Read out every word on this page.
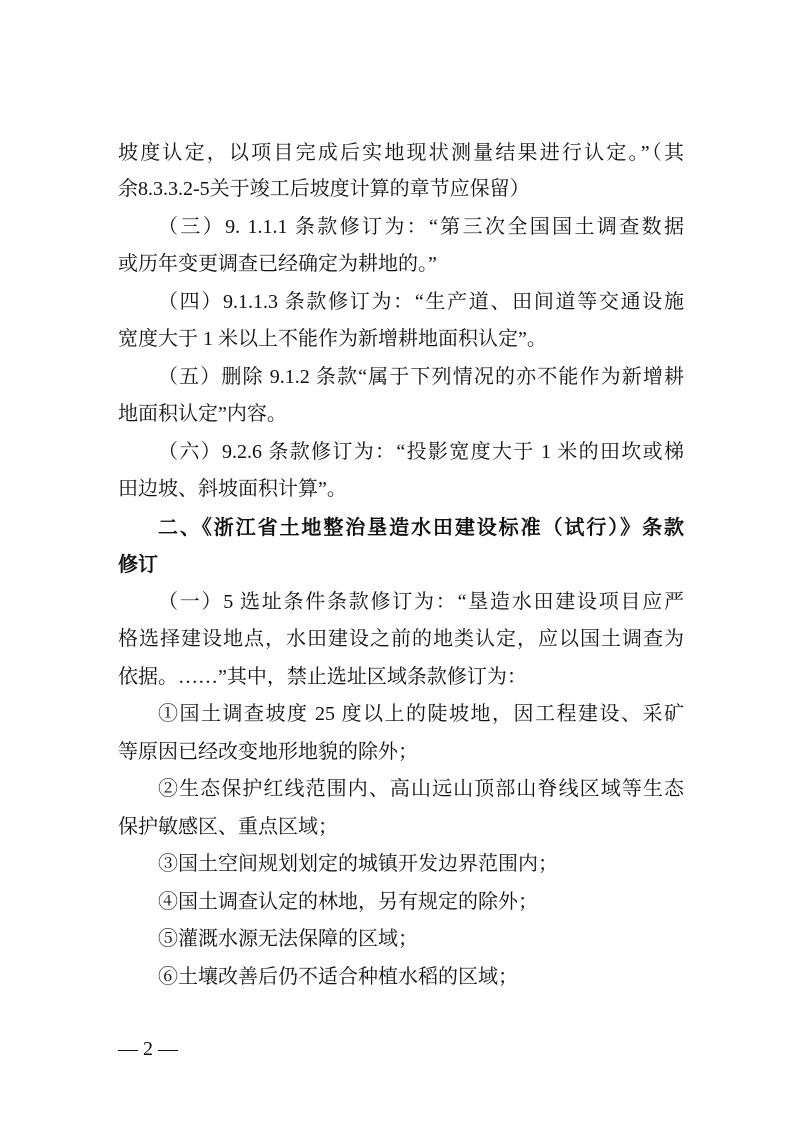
坡度认定，以项目完成后实地现状测量结果进行认定。”（其
余8.3.3.2-5关于竣工后坡度计算的章节应保留）
（三）9. 1.1.1 条款修订为：“第三次全国国土调查数据
或历年变更调查已经确定为耕地的。”
（四）9.1.1.3 条款修订为：“生产道、田间道等交通设施
宽度大于 1 米以上不能作为新增耕地面积认定”。
（五）删除 9.1.2 条款“属于下列情况的亦不能作为新增耕
地面积认定”内容。
（六）9.2.6 条款修订为：“投影宽度大于 1 米的田坎或梯
田边坡、斜坡面积计算”。
二、《浙江省土地整治垦造水田建设标准（试行）》条款
修订
（一）5 选址条件条款修订为：“垦造水田建设项目应严
格选择建设地点，水田建设之前的地类认定，应以国土调查为
依据。……”其中，禁止选址区域条款修订为：
①国土调查坡度 25 度以上的陡坡地，因工程建设、采矿
等原因已经改变地形地貌的除外；
②生态保护红线范围内、高山远山顶部山脊线区域等生态
保护敏感区、重点区域；
③国土空间规划划定的城镇开发边界范围内；
④国土调查认定的林地，另有规定的除外；
⑤灌溉水源无法保障的区域；
⑥土壤改善后仍不适合种植水稻的区域；
— 2 —
